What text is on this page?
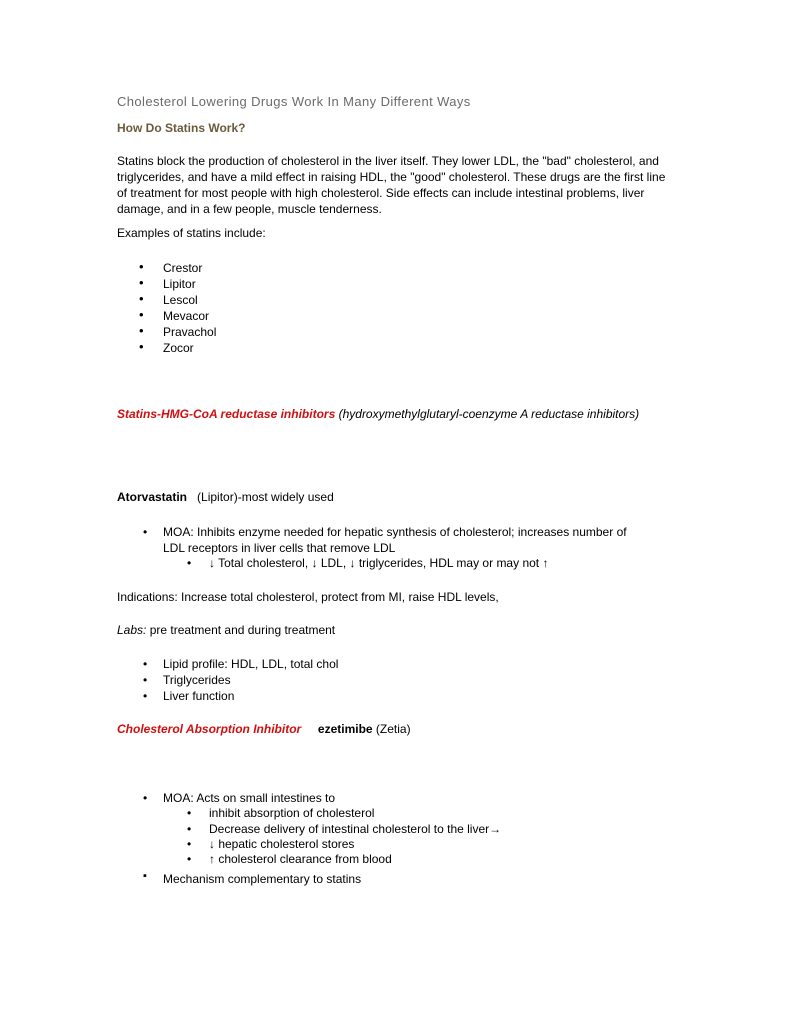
Cholesterol Lowering Drugs Work In Many Different Ways
How Do Statins Work?
Statins block the production of cholesterol in the liver itself. They lower LDL, the "bad" cholesterol, and triglycerides, and have a mild effect in raising HDL, the "good" cholesterol. These drugs are the first line of treatment for most people with high cholesterol. Side effects can include intestinal problems, liver damage, and in a few people, muscle tenderness.
Examples of statins include:
• Crestor
• Lipitor
• Lescol
• Mevacor
• Pravachol
• Zocor
Statins-HMG-CoA reductase inhibitors (hydroxymethylglutaryl-coenzyme A reductase inhibitors)
Atorvastatin (Lipitor)-most widely used
• MOA: Inhibits enzyme needed for hepatic synthesis of cholesterol; increases number of
LDL receptors in liver cells that remove LDL
• ↓ Total cholesterol, ↓ LDL, ↓ triglycerides, HDL may or may not ↑
Indications: Increase total cholesterol, protect from MI, raise HDL levels,
Labs: pre treatment and during treatment
• Lipid profile: HDL, LDL, total chol
• Triglycerides
• Liver function
Cholesterol Absorption Inhibitor ezetimibe (Zetia)
• MOA: Acts on small intestines to
• inhibit absorption of cholesterol
• Decrease delivery of intestinal cholesterol to the liver→
• ↓ hepatic cholesterol stores
• ↑ cholesterol clearance from blood
▪ Mechanism complementary to statins
